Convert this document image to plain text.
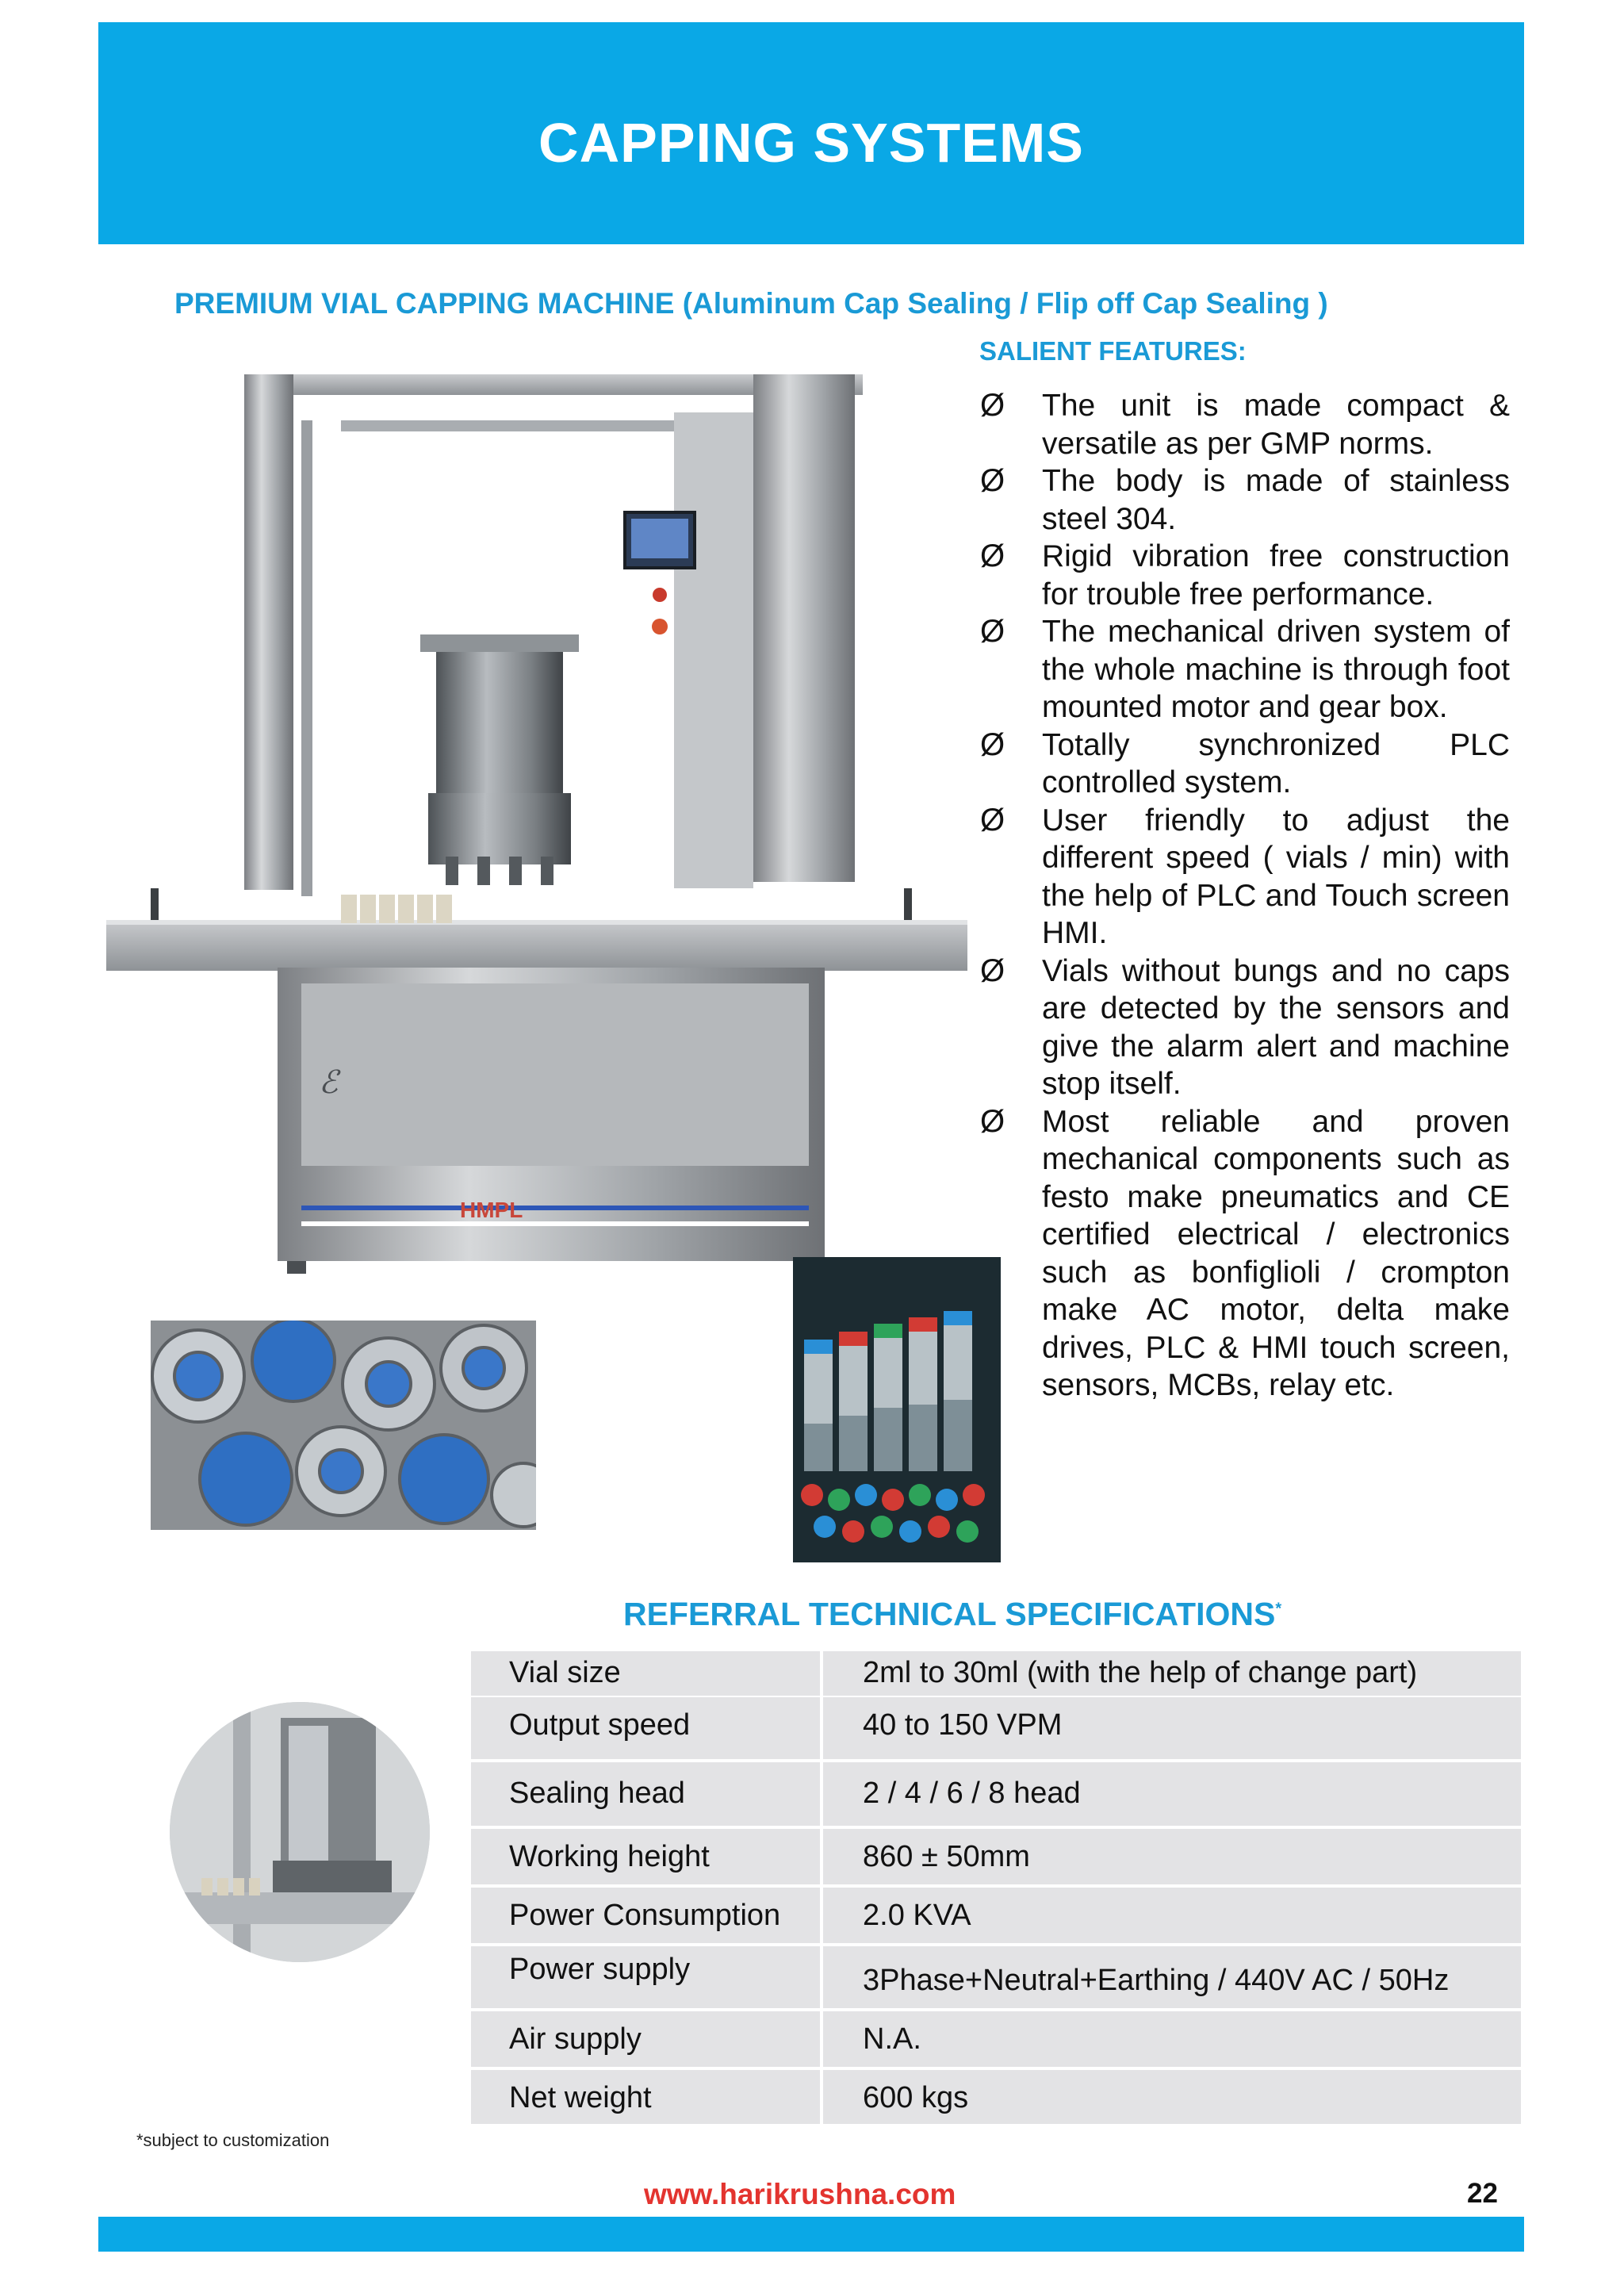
CAPPING SYSTEMS
PREMIUM VIAL CAPPING MACHINE (Aluminum Cap Sealing / Flip off Cap Sealing )
SALIENT FEATURES:
Ø The unit is made compact & versatile as per GMP norms.
Ø The body is made of stainless steel 304.
Ø Rigid vibration free construction for trouble free performance.
Ø The mechanical driven system of the whole machine is through foot mounted motor and gear box.
Ø Totally synchronized PLC controlled system.
Ø User friendly to adjust the different speed ( vials / min) with the help of PLC and Touch screen HMI.
Ø Vials without bungs and no caps are detected by the sensors and give the alarm alert and machine stop itself.
Ø Most reliable and proven mechanical components such as festo make pneumatics and CE certified electrical / electronics such as bonfiglioli / crompton make AC motor, delta make drives, PLC & HMI touch screen, sensors, MCBs, relay etc.
HMPL
ℰ
REFERRAL TECHNICAL SPECIFICATIONS*
Vial size	2ml to 30ml (with the help of change part)
Output speed	40 to 150 VPM
Sealing head	2 / 4 / 6 / 8 head
Working height	860 ± 50mm
Power Consumption	2.0 KVA
Power supply	3Phase+Neutral+Earthing / 440V AC / 50Hz
Air supply	N.A.
Net weight	600 kgs
*subject to customization
www.harikrushna.com	22
